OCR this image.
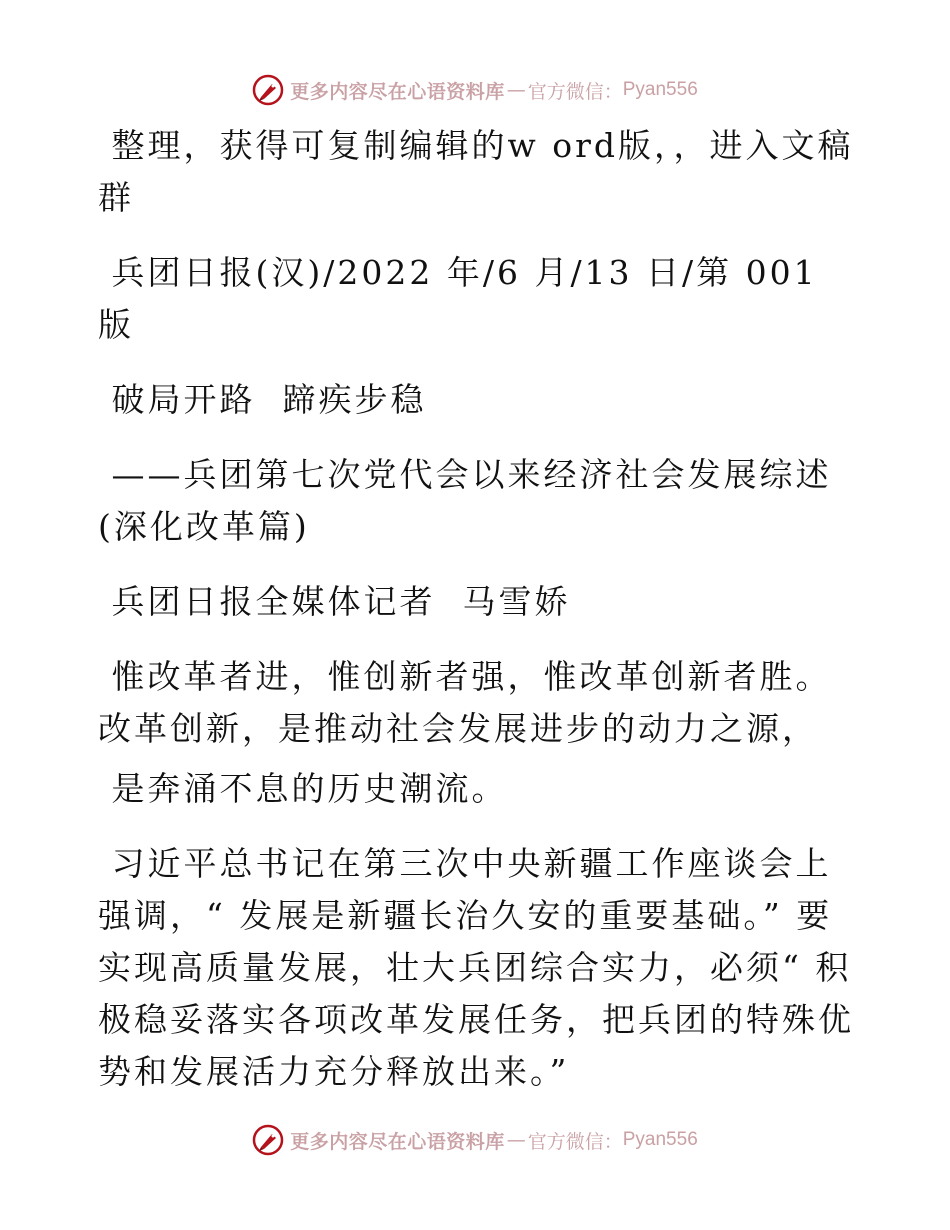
更多内容尽在心语资料库 — 官方微信： Pyan556

整理，获得可复制编辑的w ord版，，进入文稿群

兵团日报(汉)/2022 年/6 月/13 日/第 001 版

破局开路  蹄疾步稳

——兵团第七次党代会以来经济社会发展综述(深化改革篇)

兵团日报全媒体记者  马雪娇

惟改革者进，惟创新者强，惟改革创新者胜。改革创新，是推动社会发展进步的动力之源，

是奔涌不息的历史潮流。

习近平总书记在第三次中央新疆工作座谈会上强调，“ 发展是新疆长治久安的重要基础。” 要实现高质量发展，壮大兵团综合实力，必须“ 积极稳妥落实各项改革发展任务，把兵团的特殊优势和发展活力充分释放出来。”

更多内容尽在心语资料库 — 官方微信： Pyan556
